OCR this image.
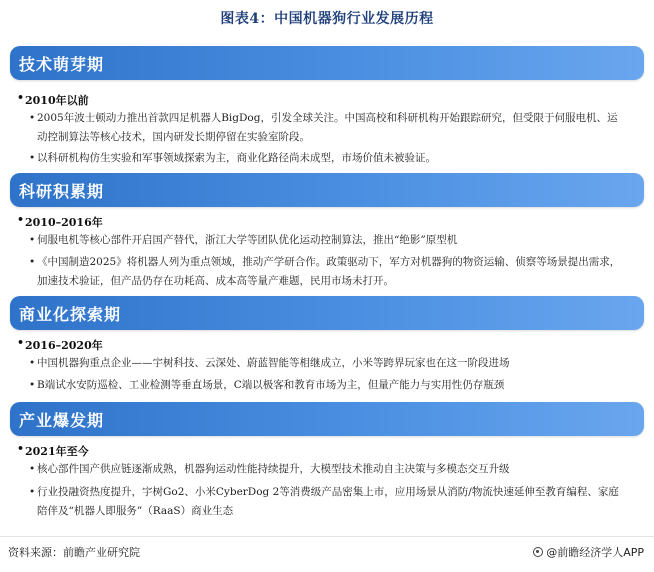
图表4：中国机器狗行业发展历程
技术萌芽期
• 2010年以前
• 2005年波士顿动力推出首款四足机器人BigDog，引发全球关注。中国高校和科研机构开始跟踪研究，但受限于伺服电机、运动控制算法等核心技术，国内研发长期停留在实验室阶段。
• 以科研机构仿生实验和军事领域探索为主，商业化路径尚未成型，市场价值未被验证。
科研积累期
• 2010–2016年
• 伺服电机等核心部件开启国产替代，浙江大学等团队优化运动控制算法，推出“绝影”原型机
• 《中国制造2025》将机器人列为重点领域，推动产学研合作。政策驱动下，军方对机器狗的物资运输、侦察等场景提出需求，加速技术验证，但产品仍存在功耗高、成本高等量产难题，民用市场未打开。
商业化探索期
• 2016–2020年
• 中国机器狗重点企业——宇树科技、云深处、蔚蓝智能等相继成立，小米等跨界玩家也在这一阶段进场
• B端试水安防巡检、工业检测等垂直场景，C端以极客和教育市场为主，但量产能力与实用性仍存瓶颈
产业爆发期
• 2021年至今
• 核心部件国产供应链逐渐成熟，机器狗运动性能持续提升，大模型技术推动自主决策与多模态交互升级
• 行业投融资热度提升，宇树Go2、小米CyberDog 2等消费级产品密集上市，应用场景从消防/物流快速延伸至教育编程、家庭陪伴及“机器人即服务”（RaaS）商业生态
资料来源：前瞻产业研究院	@前瞻经济学人APP
